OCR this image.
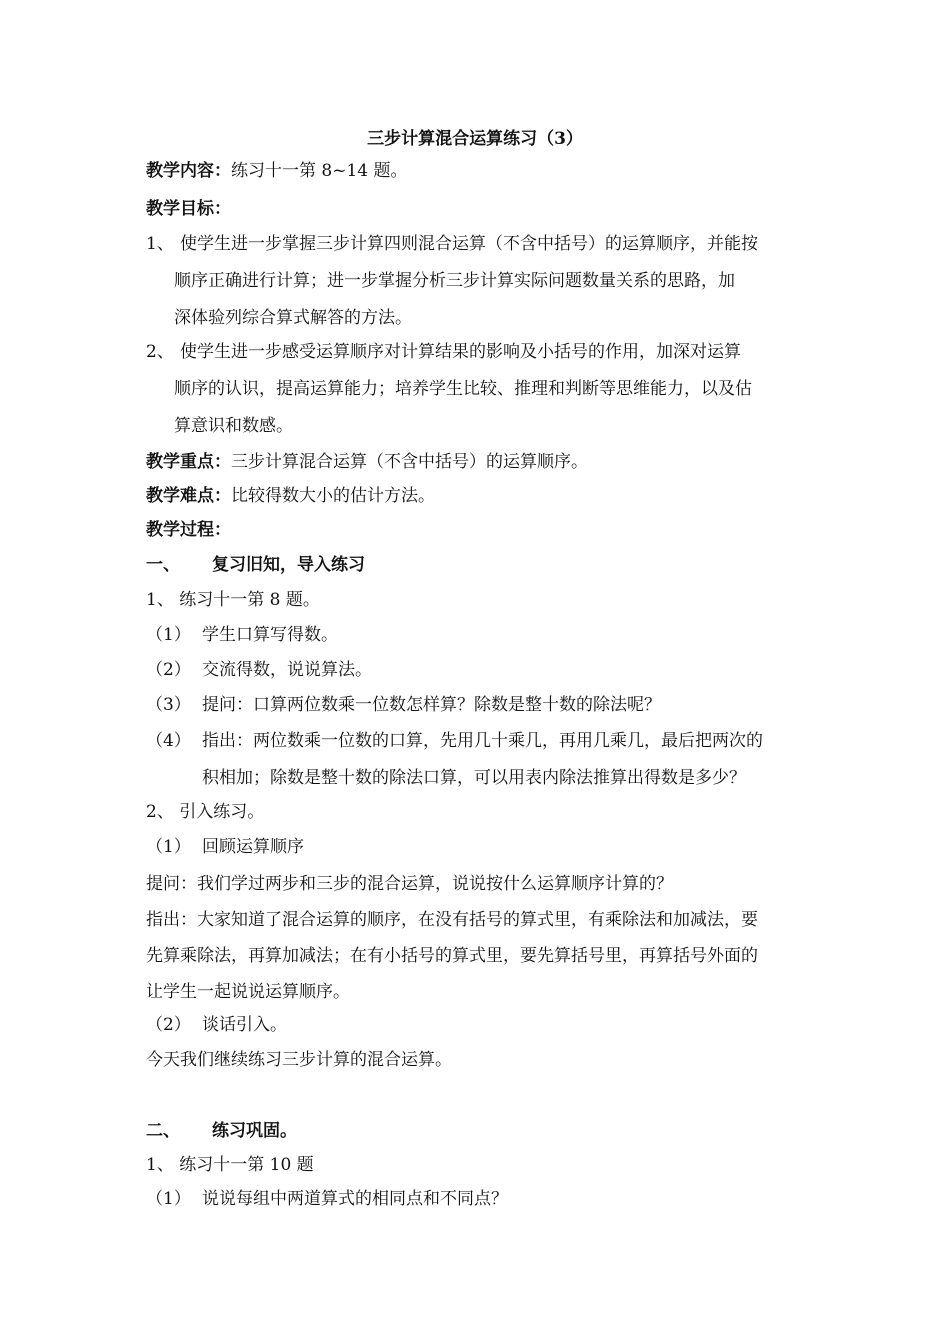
三步计算混合运算练习（3）
教学内容：练习十一第 8~14 题。
教学目标：
1、 使学生进一步掌握三步计算四则混合运算（不含中括号）的运算顺序，并能按
顺序正确进行计算；进一步掌握分析三步计算实际问题数量关系的思路，加
深体验列综合算式解答的方法。
2、 使学生进一步感受运算顺序对计算结果的影响及小括号的作用，加深对运算
顺序的认识，提高运算能力；培养学生比较、推理和判断等思维能力，以及估
算意识和数感。
教学重点：三步计算混合运算（不含中括号）的运算顺序。
教学难点：比较得数大小的估计方法。
教学过程：
一、 复习旧知，导入练习
1、 练习十一第 8 题。
（1） 学生口算写得数。
（2） 交流得数，说说算法。
（3） 提问：口算两位数乘一位数怎样算？除数是整十数的除法呢？
（4） 指出：两位数乘一位数的口算，先用几十乘几，再用几乘几，最后把两次的
积相加；除数是整十数的除法口算，可以用表内除法推算出得数是多少？
2、 引入练习。
（1） 回顾运算顺序
提问：我们学过两步和三步的混合运算，说说按什么运算顺序计算的？
指出：大家知道了混合运算的顺序，在没有括号的算式里，有乘除法和加减法，要
先算乘除法，再算加减法；在有小括号的算式里，要先算括号里，再算括号外面的
让学生一起说说运算顺序。
（2） 谈话引入。
今天我们继续练习三步计算的混合运算。
二、 练习巩固。
1、 练习十一第 10 题
（1） 说说每组中两道算式的相同点和不同点？
